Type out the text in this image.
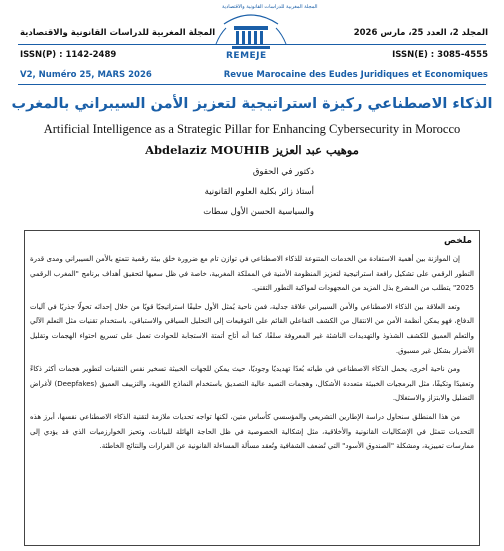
المجلة المغربية للدراسات القانونية والاقتصادية	المجلد 2، العدد 25، مارس 2026
ISSN(P) : 1142-2489	ISSN(E) : 3085-4555
V2, Numéro 25, MARS 2026	Revue Marocaine des Eudes Juridiques et Economiques
المجلة المغربية للدراسات القانونية والاقتصادية
REMEJE
الذكاء الاصطناعي ركيزة استراتيجية لتعزيز الأمن السيبراني بالمغرب
Artificial Intelligence as a Strategic Pillar for Enhancing Cybersecurity in Morocco
Abdelaziz MOUHIB موهيب عبد العزيز
دكتور في الحقوق
أستاذ زائر بكلية العلوم القانونية
والسياسية الحسن الأول سطات
ملخص

إن الموازنة بين أهمية الاستفادة من الخدمات المتنوعة للذكاء الاصطناعي في توازن تام مع ضرورة خلق بيئة رقمية تتمتع بالأمن السيبراني ومدى قدرة التطور الرقمي على تشكيل رافعة استراتيجية لتعزيز المنظومة الأمنية في المملكة المغربية، خاصة في ظل سعيها لتحقيق أهداف برنامج "المغرب الرقمي 2025" يتطلب من المشرع بذل المزيد من المجهودات لمواكبة التطور التقني.

وتعد العلاقة بين الذكاء الاصطناعي والأمن السيبراني علاقة جدلية، فمن ناحية يُمثل الأول حليفًا استراتيجيًا قويًا من خلال إحداثه تحولًا جذريًا في آليات الدفاع، فهو يمكن أنظمة الأمن من الانتقال من الكشف التفاعلي القائم على التوقيعات إلى التحليل السياقي والاستباقي، باستخدام تقنيات مثل التعلم الآلي والتعلم العميق للكشف الشذوذ والتهديدات الناشئة غير المعروفة سلفًا، كما أنه أتاح أتمتة الاستجابة للحوادث تعمل على تسريع احتواء الهجمات وتقليل الأضرار بشكل غير مسبوق.

ومن ناحية أخرى، يحمل الذكاء الاصطناعي في طياته بُعدًا تهديديًا وجوديًا، حيث يمكن للجهات الخبيثة تسخير نفس التقنيات لتطوير هجمات أكثر ذكاءً وتعقيدًا وتكيفًا، مثل البرمجيات الخبيثة متعددة الأشكال، وهجمات التصيد عالية التصديق باستخدام النماذج اللغوية، والتزييف العميق (Deepfakes) لأغراض التضليل والابتزاز والاستغلال.

من هذا المنطلق سنحاول دراسة الإطارين التشريعي والمؤسسي كأساس متين، لكنها تواجه تحديات ملازمة لتقنية الذكاء الاصطناعي نفسها، أبرز هذه التحديات تتمثل في الإشكاليات القانونية والأخلاقية، مثل إشكالية الخصوصية في ظل الحاجة الهائلة للبيانات، وتحيز الخوارزميات الذي قد يؤدي إلى ممارسات تمييزية، ومشكلة "الصندوق الأسود" التي تُضعف الشفافية وتُعقد مسألة المساءلة القانونية عن القرارات والنتائج الخاطئة.
